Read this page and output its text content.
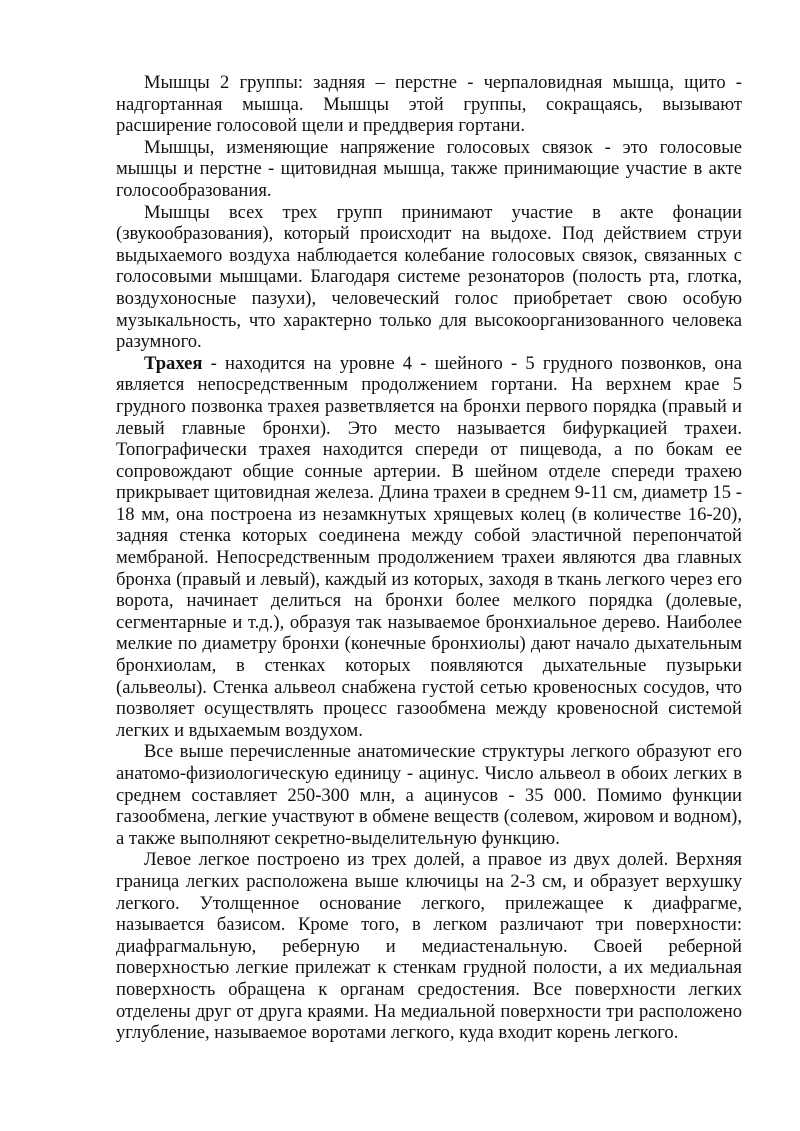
Мышцы 2 группы: задняя – перстне - черпаловидная мышца, щито - надгортанная мышца. Мышцы этой группы, сокращаясь, вызывают расширение голосовой щели и преддверия гортани.

Мышцы, изменяющие напряжение голосовых связок - это голосовые мышцы и перстне - щитовидная мышца, также принимающие участие в акте голосообразования.

Мышцы всех трех групп принимают участие в акте фонации (звукообразования), который происходит на выдохе. Под действием струи выдыхаемого воздуха наблюдается колебание голосовых связок, связанных с голосовыми мышцами. Благодаря системе резонаторов (полость рта, глотка, воздухоносные пазухи), человеческий голос приобретает свою особую музыкальность, что характерно только для высокоорганизованного человека разумного.

Трахея - находится на уровне 4 - шейного - 5 грудного позвонков, она является непосредственным продолжением гортани. На верхнем крае 5 грудного позвонка трахея разветвляется на бронхи первого порядка (правый и левый главные бронхи). Это место называется бифуркацией трахеи. Топографически трахея находится спереди от пищевода, а по бокам ее сопровождают общие сонные артерии. В шейном отделе спереди трахею прикрывает щитовидная железа. Длина трахеи в среднем 9-11 см, диаметр 15 - 18 мм, она построена из незамкнутых хрящевых колец (в количестве 16-20), задняя стенка которых соединена между собой эластичной перепончатой мембраной. Непосредственным продолжением трахеи являются два главных бронха (правый и левый), каждый из которых, заходя в ткань легкого через его ворота, начинает делиться на бронхи более мелкого порядка (долевые, сегментарные и т.д.), образуя так называемое бронхиальное дерево. Наиболее мелкие по диаметру бронхи (конечные бронхиолы) дают начало дыхательным бронхиолам, в стенках которых появляются дыхательные пузырьки (альвеолы). Стенка альвеол снабжена густой сетью кровеносных сосудов, что позволяет осуществлять процесс газообмена между кровеносной системой легких и вдыхаемым воздухом.

Все выше перечисленные анатомические структуры легкого образуют его анатомо-физиологическую единицу - ацинус. Число альвеол в обоих легких в среднем составляет 250-300 млн, а ацинусов - 35 000. Помимо функции газообмена, легкие участвуют в обмене веществ (солевом, жировом и водном), а также выполняют секретно-выделительную функцию.

Левое легкое построено из трех долей, а правое из двух долей. Верхняя граница легких расположена выше ключицы на 2-3 см, и образует верхушку легкого. Утолщенное основание легкого, прилежащее к диафрагме, называется базисом. Кроме того, в легком различают три поверхности: диафрагмальную, реберную и медиастенальную. Своей реберной поверхностью легкие прилежат к стенкам грудной полости, а их медиальная поверхность обращена к органам средостения. Все поверхности легких отделены друг от друга краями. На медиальной поверхности три расположено углубление, называемое воротами легкого, куда входит корень легкого.
